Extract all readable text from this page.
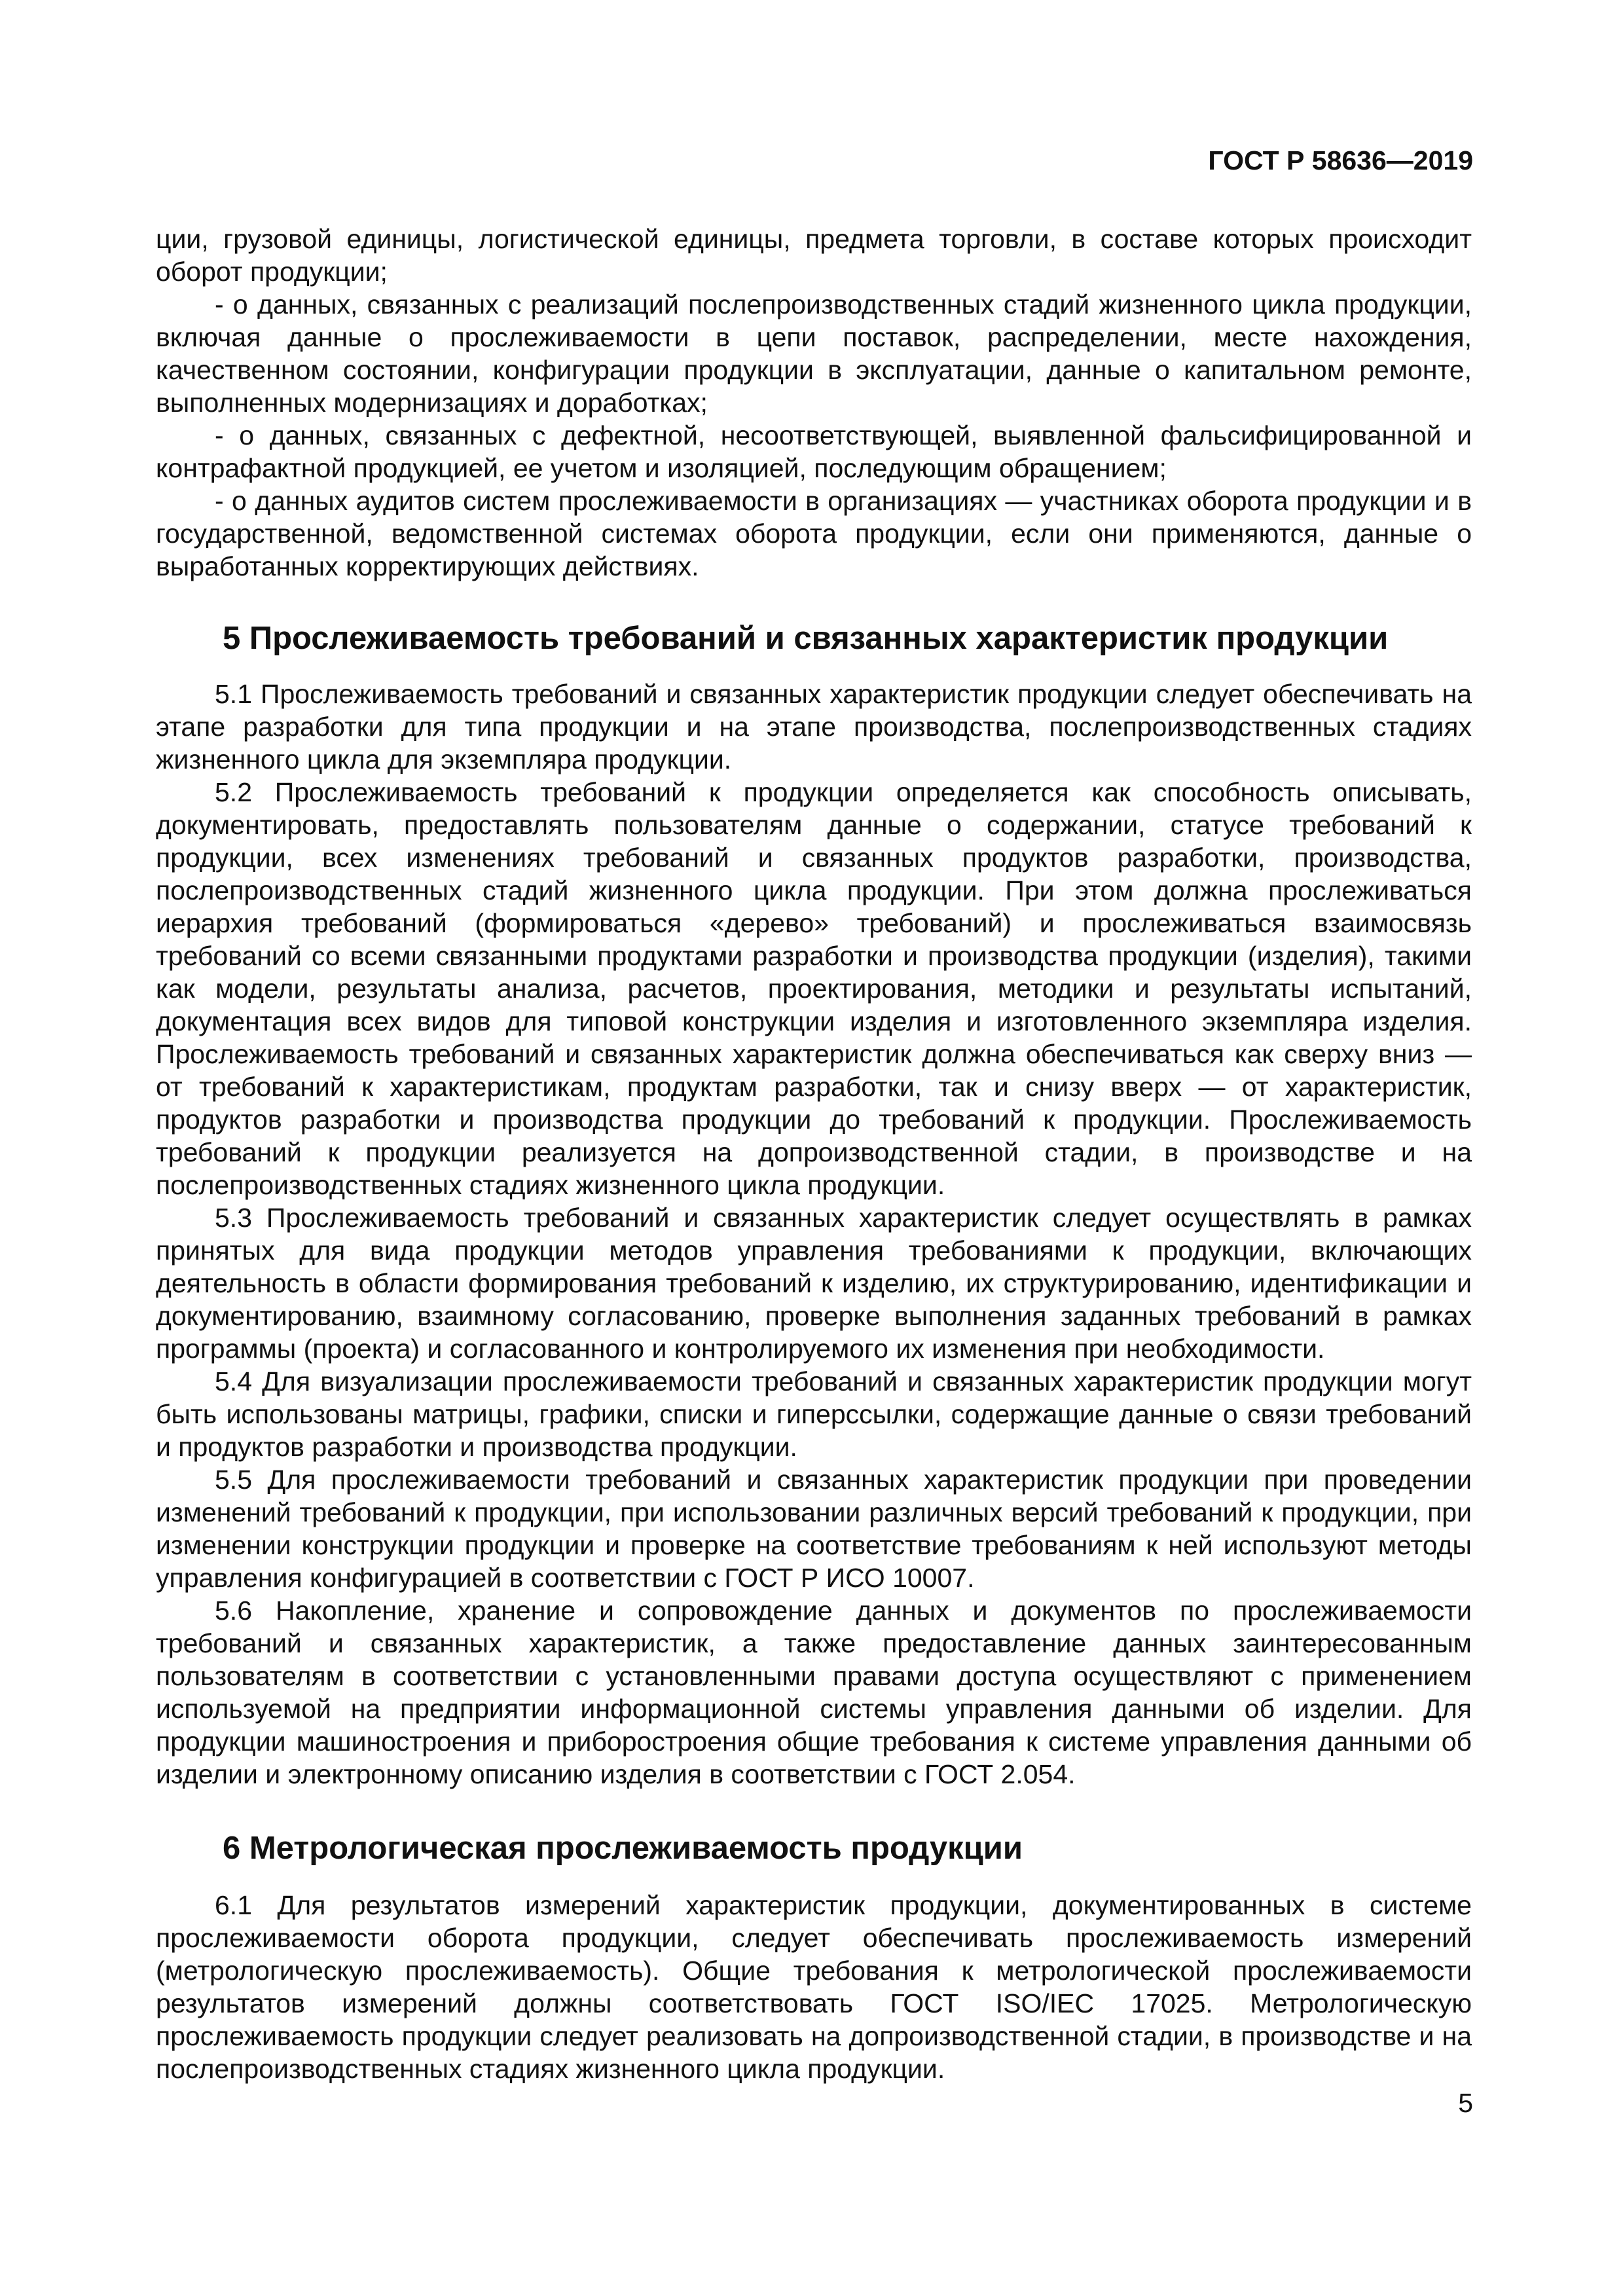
ГОСТ Р 58636—2019

ции, грузовой единицы, логистической единицы, предмета торговли, в составе которых происходит оборот продукции;

- о данных, связанных с реализаций послепроизводственных стадий жизненного цикла продукции, включая данные о прослеживаемости в цепи поставок, распределении, месте нахождения, качественном состоянии, конфигурации продукции в эксплуатации, данные о капитальном ремонте, выполненных модернизациях и доработках;

- о данных, связанных с дефектной, несоответствующей, выявленной фальсифицированной и контрафактной продукцией, ее учетом и изоляцией, последующим обращением;

- о данных аудитов систем прослеживаемости в организациях — участниках оборота продукции и в государственной, ведомственной системах оборота продукции, если они применяются, данные о выработанных корректирующих действиях.

5 Прослеживаемость требований и связанных характеристик продукции

5.1 Прослеживаемость требований и связанных характеристик продукции следует обеспечивать на этапе разработки для типа продукции и на этапе производства, послепроизводственных стадиях жизненного цикла для экземпляра продукции.

5.2 Прослеживаемость требований к продукции определяется как способность описывать, документировать, предоставлять пользователям данные о содержании, статусе требований к продукции, всех изменениях требований и связанных продуктов разработки, производства, послепроизводственных стадий жизненного цикла продукции. При этом должна прослеживаться иерархия требований (формироваться «дерево» требований) и прослеживаться взаимосвязь требований со всеми связанными продуктами разработки и производства продукции (изделия), такими как модели, результаты анализа, расчетов, проектирования, методики и результаты испытаний, документация всех видов для типовой конструкции изделия и изготовленного экземпляра изделия. Прослеживаемость требований и связанных характеристик должна обеспечиваться как сверху вниз — от требований к характеристикам, продуктам разработки, так и снизу вверх — от характеристик, продуктов разработки и производства продукции до требований к продукции. Прослеживаемость требований к продукции реализуется на допроизводственной стадии, в производстве и на послепроизводственных стадиях жизненного цикла продукции.

5.3 Прослеживаемость требований и связанных характеристик следует осуществлять в рамках принятых для вида продукции методов управления требованиями к продукции, включающих деятельность в области формирования требований к изделию, их структурированию, идентификации и документированию, взаимному согласованию, проверке выполнения заданных требований в рамках программы (проекта) и согласованного и контролируемого их изменения при необходимости.

5.4 Для визуализации прослеживаемости требований и связанных характеристик продукции могут быть использованы матрицы, графики, списки и гиперссылки, содержащие данные о связи требований и продуктов разработки и производства продукции.

5.5 Для прослеживаемости требований и связанных характеристик продукции при проведении изменений требований к продукции, при использовании различных версий требований к продукции, при изменении конструкции продукции и проверке на соответствие требованиям к ней используют методы управления конфигурацией в соответствии с ГОСТ Р ИСО 10007.

5.6 Накопление, хранение и сопровождение данных и документов по прослеживаемости требований и связанных характеристик, а также предоставление данных заинтересованным пользователям в соответствии с установленными правами доступа осуществляют с применением используемой на предприятии информационной системы управления данными об изделии. Для продукции машиностроения и приборостроения общие требования к системе управления данными об изделии и электронному описанию изделия в соответствии с ГОСТ 2.054.

6 Метрологическая прослеживаемость продукции

6.1 Для результатов измерений характеристик продукции, документированных в системе прослеживаемости оборота продукции, следует обеспечивать прослеживаемость измерений (метрологическую прослеживаемость). Общие требования к метрологической прослеживаемости результатов измерений должны соответствовать ГОСТ ISO/IEC 17025. Метрологическую прослеживаемость продукции следует реализовать на допроизводственной стадии, в производстве и на послепроизводственных стадиях жизненного цикла продукции.

5
